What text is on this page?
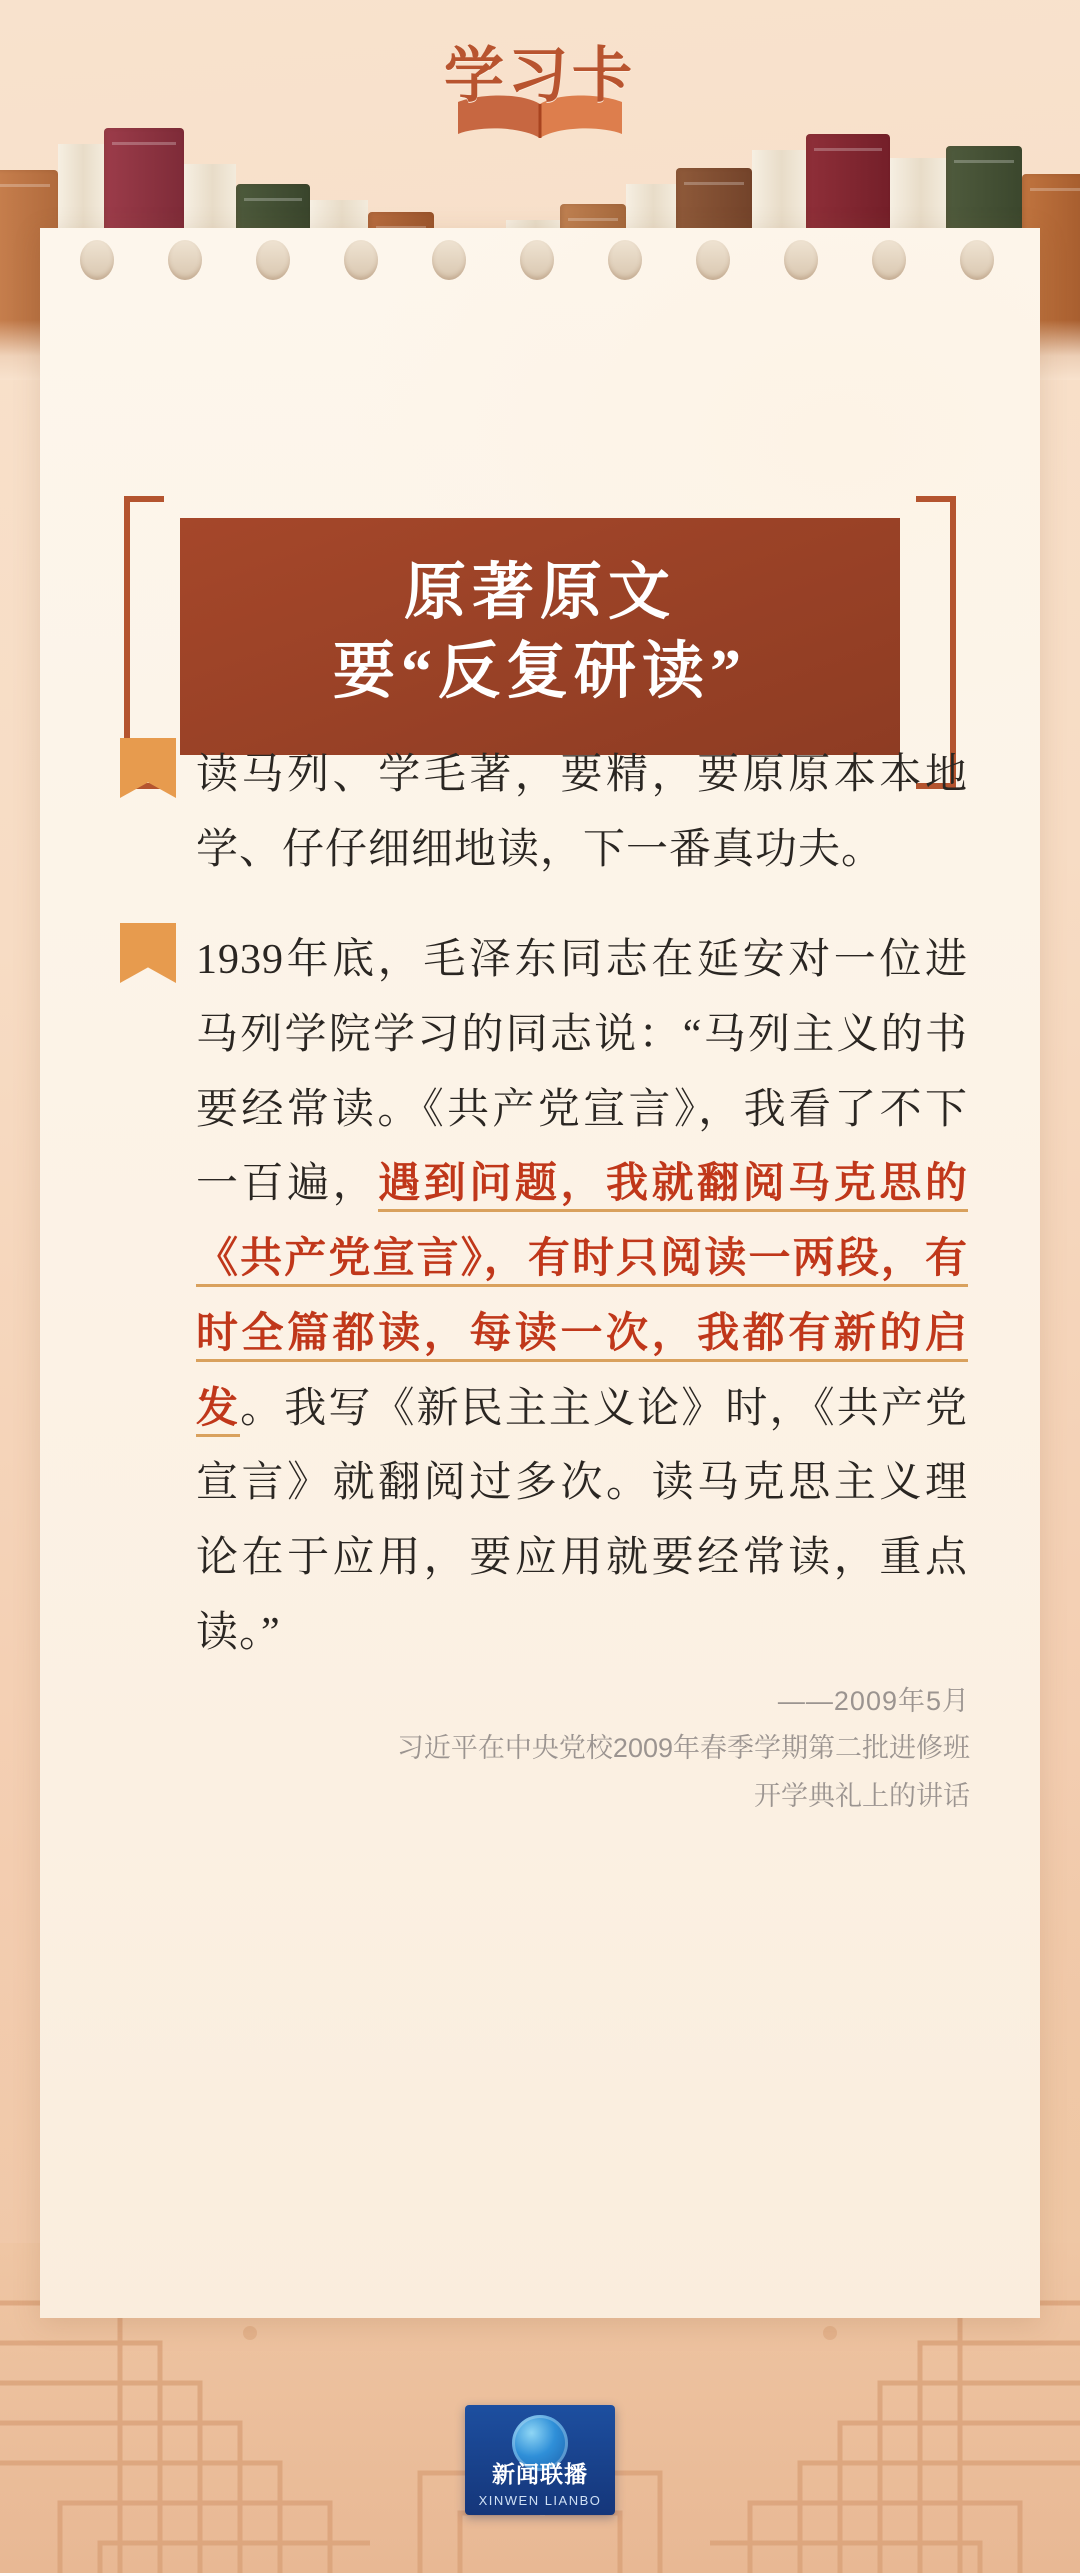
学习卡
原著原文
要“反复研读”
读马列、学毛著，要精，要原原本本地学、仔仔细细地读，下一番真功夫。
1939年底，毛泽东同志在延安对一位进马列学院学习的同志说：“马列主义的书要经常读。《共产党宣言》，我看了不下一百遍，遇到问题，我就翻阅马克思的《共产党宣言》，有时只阅读一两段，有时全篇都读，每读一次，我都有新的启发。我写《新民主主义论》时，《共产党宣言》就翻阅过多次。读马克思主义理论在于应用，要应用就要经常读，重点读。”
——2009年5月
习近平在中央党校2009年春季学期第二批进修班
开学典礼上的讲话
新闻联播
XINWEN LIANBO
